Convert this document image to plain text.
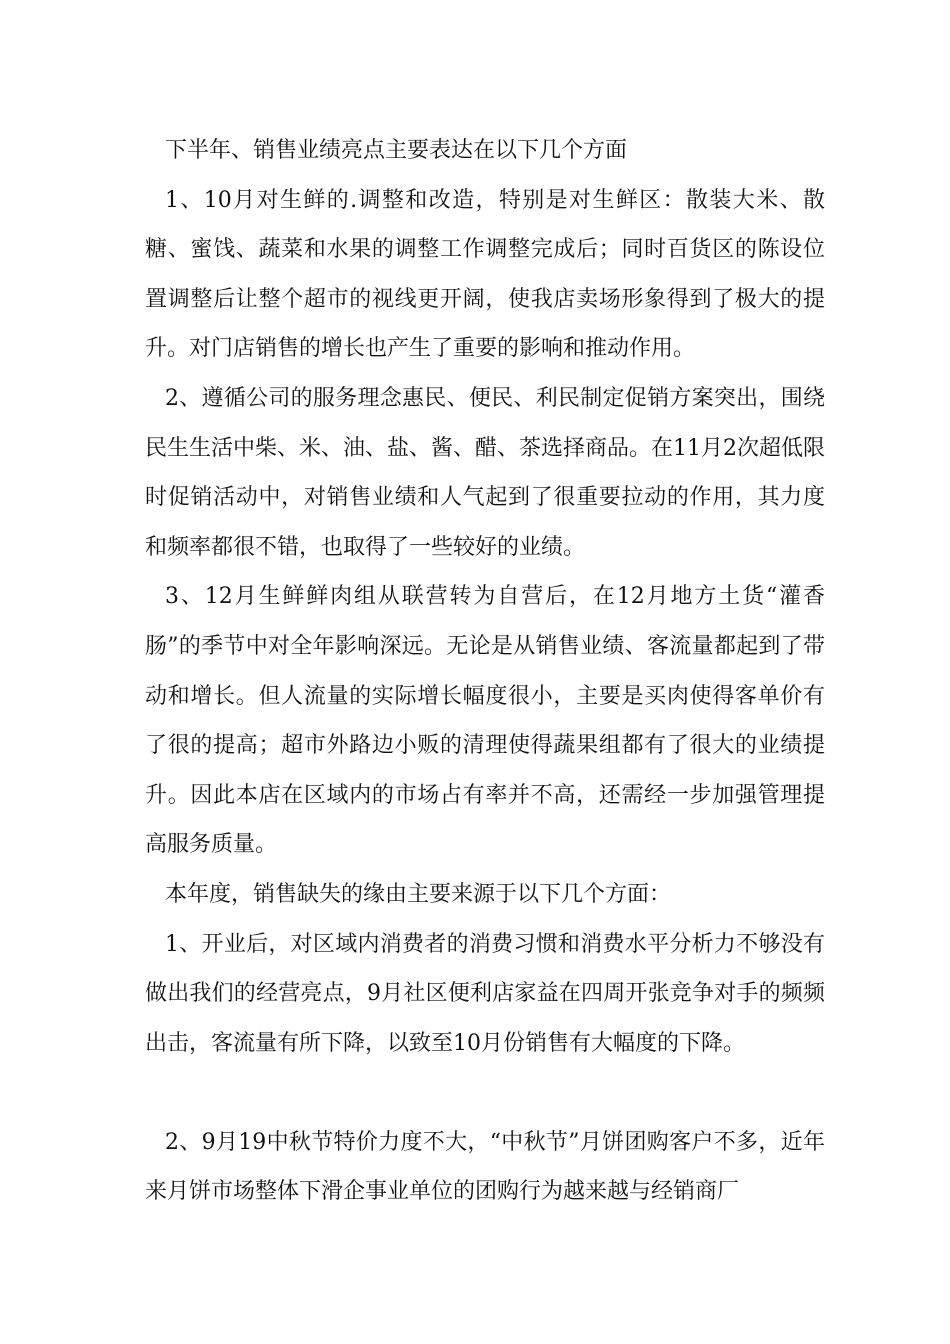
下半年、销售业绩亮点主要表达在以下几个方面

1、10月对生鲜的.调整和改造，特别是对生鲜区：散装大米、散糖、蜜饯、蔬菜和水果的调整工作调整完成后；同时百货区的陈设位置调整后让整个超市的视线更开阔，使我店卖场形象得到了极大的提升。对门店销售的增长也产生了重要的影响和推动作用。

2、遵循公司的服务理念惠民、便民、利民制定促销方案突出，围绕民生生活中柴、米、油、盐、酱、醋、茶选择商品。在11月2次超低限时促销活动中，对销售业绩和人气起到了很重要拉动的作用，其力度和频率都很不错，也取得了一些较好的业绩。

3、12月生鲜鲜肉组从联营转为自营后，在12月地方土货“灌香肠”的季节中对全年影响深远。无论是从销售业绩、客流量都起到了带动和增长。但人流量的实际增长幅度很小，主要是买肉使得客单价有了很的提高；超市外路边小贩的清理使得蔬果组都有了很大的业绩提升。因此本店在区域内的市场占有率并不高，还需经一步加强管理提高服务质量。

本年度，销售缺失的缘由主要来源于以下几个方面：

1、开业后，对区域内消费者的消费习惯和消费水平分析力不够没有做出我们的经营亮点，9月社区便利店家益在四周开张竞争对手的频频出击，客流量有所下降，以致至10月份销售有大幅度的下降。

2、9月19中秋节特价力度不大，“中秋节”月饼团购客户不多，近年来月饼市场整体下滑企事业单位的团购行为越来越与经销商厂
